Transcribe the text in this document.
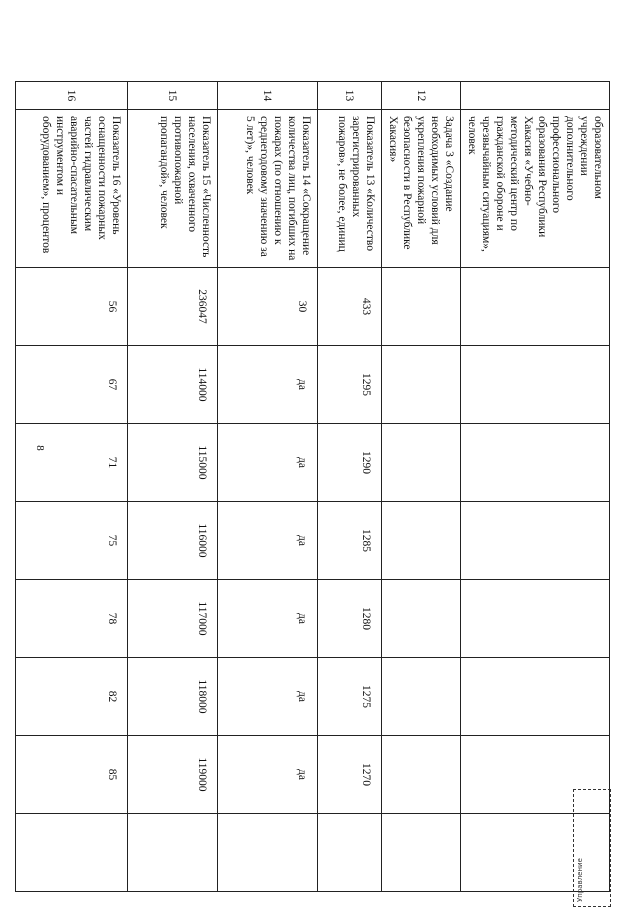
8
	образовательном учреждении дополнительного профессионального образования Республики Хакасия «Учебно-методический центр по гражданской обороне и чрезвычайным ситуациям», человек								
12	Задача 3 «Создание необходимых условий для укрепления пожарной безопасности в Республике Хакасия»								
13	Показатель 13 «Количество зарегистрированных пожаров», не более, единиц	433	1295	1290	1285	1280	1275	1270	
14	Показатель 14 «Сокращение количества лиц, погибших на пожарах (по отношению к среднегодовому значению за 5 лет)», человек	30	да	да	да	да	да	да	
15	Показатель 15 «Численность населения, охваченного противопожарной пропагандой», человек	236047	114000	115000	116000	117000	118000	119000	
16	Показатель 16 «Уровень оснащенности пожарных частей гидравлическим аварийно-спасательным инструментом и оборудованием», процентов	56	67	71	75	78	82	85	
Управление
